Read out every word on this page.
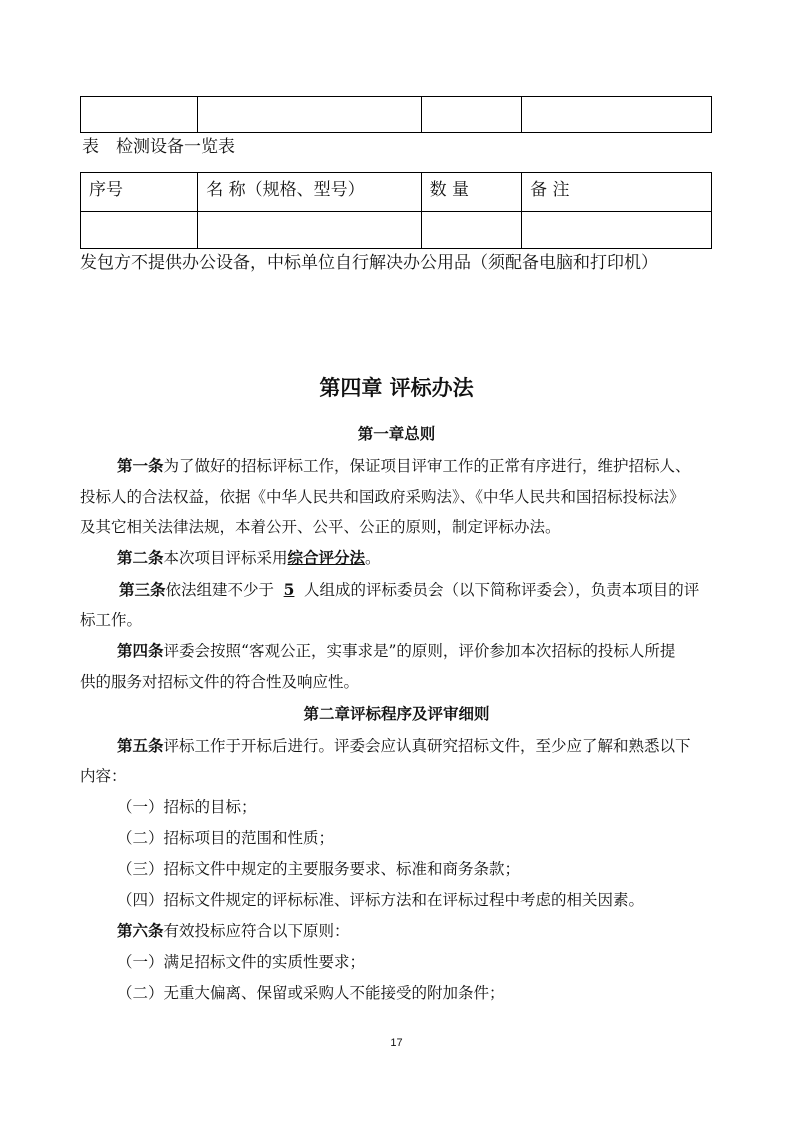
表　检测设备一览表
序号	名 称（规格、型号）	数 量	备 注

发包方不提供办公设备，中标单位自行解决办公用品（须配备电脑和打印机）
第四章 评标办法
第一章总则
第一条为了做好的招标评标工作，保证项目评审工作的正常有序进行，维护招标人、
投标人的合法权益，依据《中华人民共和国政府采购法》、《中华人民共和国招标投标法》
及其它相关法律法规，本着公开、公平、公正的原则，制定评标办法。
第二条本次项目评标采用综合评分法。
第三条依法组建不少于 5 人组成的评标委员会（以下简称评委会），负责本项目的评
标工作。
第四条评委会按照“客观公正，实事求是”的原则，评价参加本次招标的投标人所提
供的服务对招标文件的符合性及响应性。
第二章评标程序及评审细则
第五条评标工作于开标后进行。评委会应认真研究招标文件，至少应了解和熟悉以下
内容：
（一）招标的目标；
（二）招标项目的范围和性质；
（三）招标文件中规定的主要服务要求、标准和商务条款；
（四）招标文件规定的评标标准、评标方法和在评标过程中考虑的相关因素。
第六条有效投标应符合以下原则：
（一）满足招标文件的实质性要求；
（二）无重大偏离、保留或采购人不能接受的附加条件；
17
